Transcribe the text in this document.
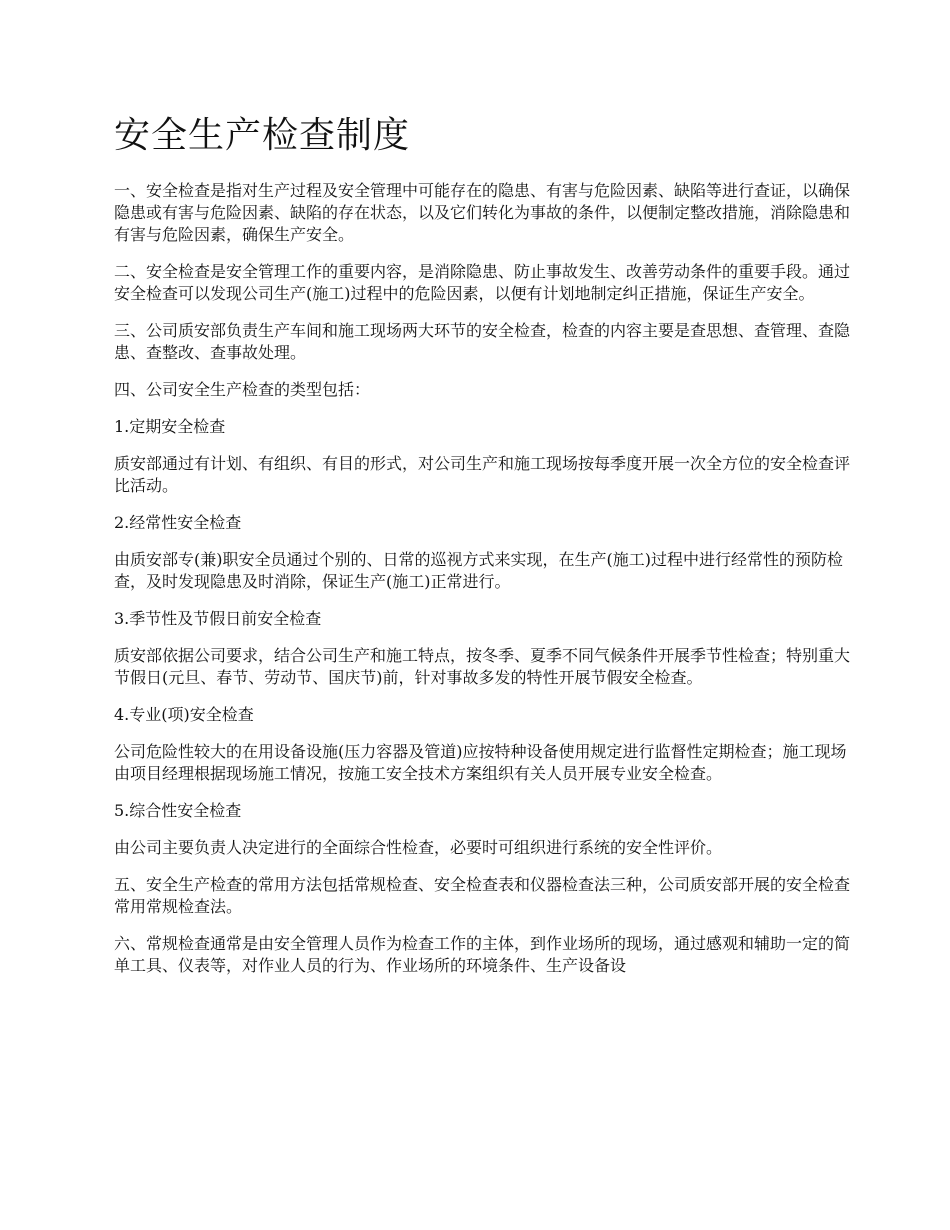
安全生产检查制度

一、安全检查是指对生产过程及安全管理中可能存在的隐患、有害与危险因素、缺陷等进行查证，以确保隐患或有害与危险因素、缺陷的存在状态，以及它们转化为事故的条件，以便制定整改措施，消除隐患和有害与危险因素，确保生产安全。

二、安全检查是安全管理工作的重要内容，是消除隐患、防止事故发生、改善劳动条件的重要手段。通过安全检查可以发现公司生产(施工)过程中的危险因素，以便有计划地制定纠正措施，保证生产安全。

三、公司质安部负责生产车间和施工现场两大环节的安全检查，检查的内容主要是查思想、查管理、查隐患、查整改、查事故处理。

四、公司安全生产检查的类型包括：

1.定期安全检查

质安部通过有计划、有组织、有目的形式，对公司生产和施工现场按每季度开展一次全方位的安全检查评比活动。

2.经常性安全检查

由质安部专(兼)职安全员通过个别的、日常的巡视方式来实现，在生产(施工)过程中进行经常性的预防检查，及时发现隐患及时消除，保证生产(施工)正常进行。

3.季节性及节假日前安全检查

质安部依据公司要求，结合公司生产和施工特点，按冬季、夏季不同气候条件开展季节性检查；特别重大节假日(元旦、春节、劳动节、国庆节)前，针对事故多发的特性开展节假安全检查。

4.专业(项)安全检查

公司危险性较大的在用设备设施(压力容器及管道)应按特种设备使用规定进行监督性定期检查；施工现场由项目经理根据现场施工情况，按施工安全技术方案组织有关人员开展专业安全检查。

5.综合性安全检查

由公司主要负责人决定进行的全面综合性检查，必要时可组织进行系统的安全性评价。

五、安全生产检查的常用方法包括常规检查、安全检查表和仪器检查法三种，公司质安部开展的安全检查常用常规检查法。

六、常规检查通常是由安全管理人员作为检查工作的主体，到作业场所的现场，通过感观和辅助一定的简单工具、仪表等，对作业人员的行为、作业场所的环境条件、生产设备设
